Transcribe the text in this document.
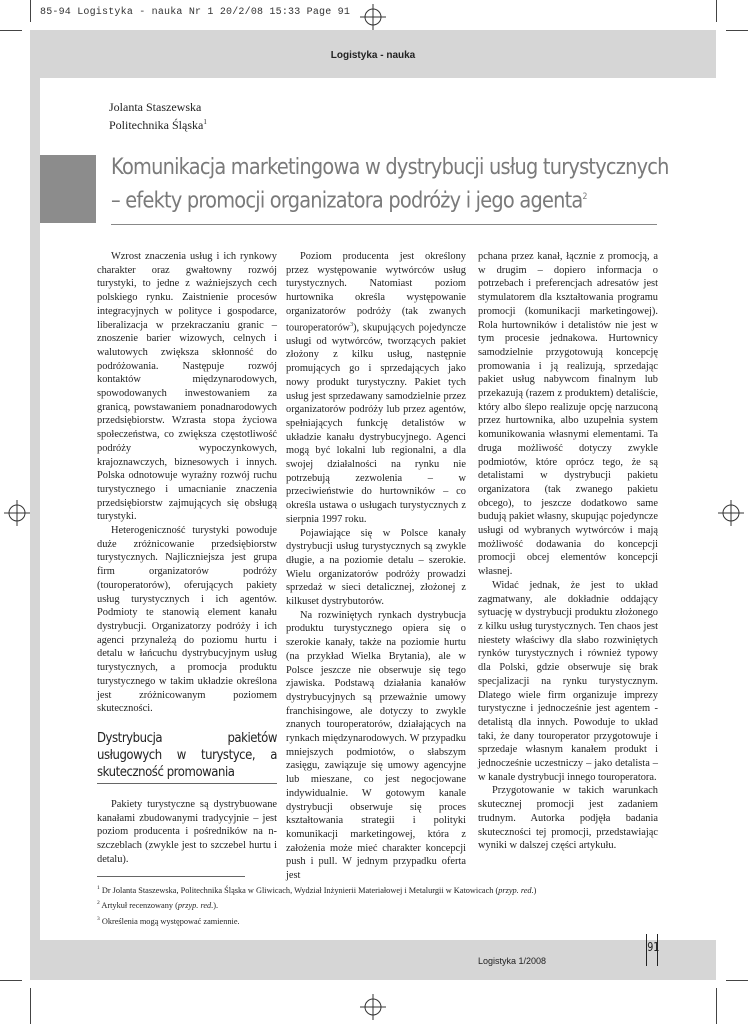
85-94 Logistyka - nauka Nr 1 20/2/08 15:33 Page 91
Logistyka - nauka
Jolanta Staszewska
Politechnika Śląska$^1$
Komunikacja marketingowa w dystrybucji usług turystycznych
– efekty promocji organizatora podróży i jego agenta$^2$

Wzrost znaczenia usług i ich rynkowy charakter oraz gwałtowny rozwój turystyki, to jedne z ważniejszych cech polskiego rynku. Zaistnienie procesów integracyjnych w polityce i gospodarce, liberalizacja w przekraczaniu granic – znoszenie barier wizowych, celnych i walutowych zwiększa skłonność do podróżowania. Następuje rozwój kontaktów międzynarodowych, spowodowanych inwestowaniem za granicą, powstawaniem ponadnarodowych przedsiębiorstw. Wzrasta stopa życiowa społeczeństwa, co zwiększa częstotliwość podróży wypoczynkowych, krajoznawczych, biznesowych i innych. Polska odnotowuje wyraźny rozwój ruchu turystycznego i umacnianie znaczenia przedsiębiorstw zajmujących się obsługą turystyki.

Heterogeniczność turystyki powoduje duże zróżnicowanie przedsiębiorstw turystycznych. Najliczniejsza jest grupa firm organizatorów podróży (touroperatorów), oferujących pakiety usług turystycznych i ich agentów. Podmioty te stanowią element kanału dystrybucji. Organizatorzy podróży i ich agenci przynależą do poziomu hurtu i detalu w łańcuchu dystrybucyjnym usług turystycznych, a promocja produktu turystycznego w takim układzie określona jest zróżnicowanym poziomem skuteczności.

Dystrybucja pakietów usługowych w turystyce, a skuteczność promowania

Pakiety turystyczne są dystrybuowane kanałami zbudowanymi tradycyjnie – jest poziom producenta i pośredników na n- szczeblach (zwykle jest to szczebel hurtu i detalu).

Poziom producenta jest określony przez występowanie wytwórców usług turystycznych. Natomiast poziom hurtownika określa występowanie organizatorów podróży (tak zwanych touroperatorów$^3$), skupujących pojedyncze usługi od wytwórców, tworzących pakiet złożony z kilku usług, następnie promujących go i sprzedających jako nowy produkt turystyczny. Pakiet tych usług jest sprzedawany samodzielnie przez organizatorów podróży lub przez agentów, spełniających funkcję detalistów w układzie kanału dystrybucyjnego. Agenci mogą być lokalni lub regionalni, a dla swojej działalności na rynku nie potrzebują zezwolenia – w przeciwieństwie do hurtowników – co określa ustawa o usługach turystycznych z sierpnia 1997 roku.

Pojawiające się w Polsce kanały dystrybucji usług turystycznych są zwykle długie, a na poziomie detalu – szerokie. Wielu organizatorów podróży prowadzi sprzedaż w sieci detalicznej, złożonej z kilkuset dystrybutorów.

Na rozwiniętych rynkach dystrybucja produktu turystycznego opiera się o szerokie kanały, także na poziomie hurtu (na przykład Wielka Brytania), ale w Polsce jeszcze nie obserwuje się tego zjawiska. Podstawą działania kanałów dystrybucyjnych są przeważnie umowy franchisingowe, ale dotyczy to zwykle znanych touroperatorów, działających na rynkach międzynarodowych. W przypadku mniejszych podmiotów, o słabszym zasięgu, zawiązuje się umowy agencyjne lub mieszane, co jest negocjowane indywidualnie. W gotowym kanale dystrybucji obserwuje się proces kształtowania strategii i polityki komunikacji marketingowej, która z założenia może mieć charakter koncepcji push i pull. W jednym przypadku oferta jest

pchana przez kanał, łącznie z promocją, a w drugim – dopiero informacja o potrzebach i preferencjach adresatów jest stymulatorem dla kształtowania programu promocji (komunikacji marketingowej). Rola hurtowników i detalistów nie jest w tym procesie jednakowa. Hurtownicy samodzielnie przygotowują koncepcję promowania i ją realizują, sprzedając pakiet usług nabywcom finalnym lub przekazują (razem z produktem) detaliście, który albo ślepo realizuje opcję narzuconą przez hurtownika, albo uzupełnia system komunikowania własnymi elementami. Ta druga możliwość dotyczy zwykle podmiotów, które oprócz tego, że są detalistami w dystrybucji pakietu organizatora (tak zwanego pakietu obcego), to jeszcze dodatkowo same budują pakiet własny, skupując pojedyncze usługi od wybranych wytwórców i mają możliwość dodawania do koncepcji promocji obcej elementów koncepcji własnej.

Widać jednak, że jest to układ zagmatwany, ale dokładnie oddający sytuację w dystrybucji produktu złożonego z kilku usług turystycznych. Ten chaos jest niestety właściwy dla słabo rozwiniętych rynków turystycznych i również typowy dla Polski, gdzie obserwuje się brak specjalizacji na rynku turystycznym. Dlatego wiele firm organizuje imprezy turystyczne i jednocześnie jest agentem - detalistą dla innych. Powoduje to układ taki, że dany touroperator przygotowuje i sprzedaje własnym kanałem produkt i jednocześnie uczestniczy – jako detalista – w kanale dystrybucji innego touroperatora.

Przygotowanie w takich warunkach skutecznej promocji jest zadaniem trudnym. Autorka podjęła badania skuteczności tej promocji, przedstawiając wyniki w dalszej części artykułu.

$^1$ Dr Jolanta Staszewska, Politechnika Śląska w Gliwicach, Wydział Inżynierii Materiałowej i Metalurgii w Katowicach (przyp. red.)
$^2$ Artykuł recenzowany (przyp. red.).
$^3$ Określenia mogą występować zamiennie.
Logistyka 1/2008
91
